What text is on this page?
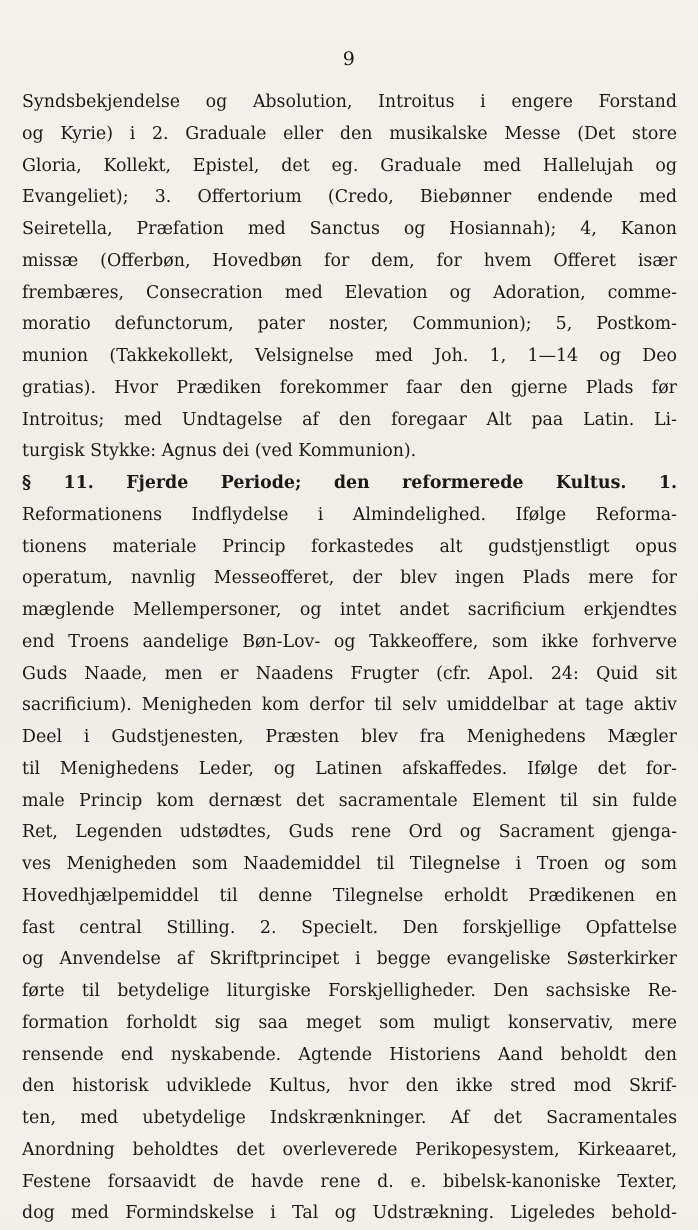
9
Syndsbekjendelse og Absolution, Introitus i engere Forstand
og Kyrie) i 2. Graduale eller den musikalske Messe (Det store
Gloria, Kollekt, Epistel, det eg. Graduale med Hallelujah og
Evangeliet); 3. Offertorium (Credo, Biebønner endende med
Seiretella, Præfation med Sanctus og Hosiannah); 4, Kanon
missæ (Offerbøn, Hovedbøn for dem, for hvem Offeret især
frembæres, Consecration med Elevation og Adoration, comme-
moratio defunctorum, pater noster, Communion); 5, Postkom-
munion (Takkekollekt, Velsignelse med Joh. 1, 1—14 og Deo
gratias). Hvor Prædiken forekommer faar den gjerne Plads før
Introitus; med Undtagelse af den foregaar Alt paa Latin. Li-
turgisk Stykke: Agnus dei (ved Kommunion).
§ 11. Fjerde Periode; den reformerede Kultus. 1.
Reformationens Indflydelse i Almindelighed. Ifølge Reforma-
tionens materiale Princip forkastedes alt gudstjenstligt opus
operatum, navnlig Messeofferet, der blev ingen Plads mere for
mæglende Mellempersoner, og intet andet sacrificium erkjendtes
end Troens aandelige Bøn-Lov- og Takkeoffere, som ikke forhverve
Guds Naade, men er Naadens Frugter (cfr. Apol. 24: Quid sit
sacrificium). Menigheden kom derfor til selv umiddelbar at tage aktiv
Deel i Gudstjenesten, Præsten blev fra Menighedens Mægler
til Menighedens Leder, og Latinen afskaffedes. Ifølge det for-
male Princip kom dernæst det sacramentale Element til sin fulde
Ret, Legenden udstødtes, Guds rene Ord og Sacrament gjenga-
ves Menigheden som Naademiddel til Tilegnelse i Troen og som
Hovedhjælpemiddel til denne Tilegnelse erholdt Prædikenen en
fast central Stilling. 2. Specielt. Den forskjellige Opfattelse
og Anvendelse af Skriftprincipet i begge evangeliske Søsterkirker
førte til betydelige liturgiske Forskjelligheder. Den sachsiske Re-
formation forholdt sig saa meget som muligt konservativ, mere
rensende end nyskabende. Agtende Historiens Aand beholdt den
den historisk udviklede Kultus, hvor den ikke stred mod Skrif-
ten, med ubetydelige Indskrænkninger. Af det Sacramentales
Anordning beholdtes det overleverede Perikopesystem, Kirkeaaret,
Festene forsaavidt de havde rene d. e. bibelsk-kanoniske Texter,
dog med Formindskelse i Tal og Udstrækning. Ligeledes behold-
